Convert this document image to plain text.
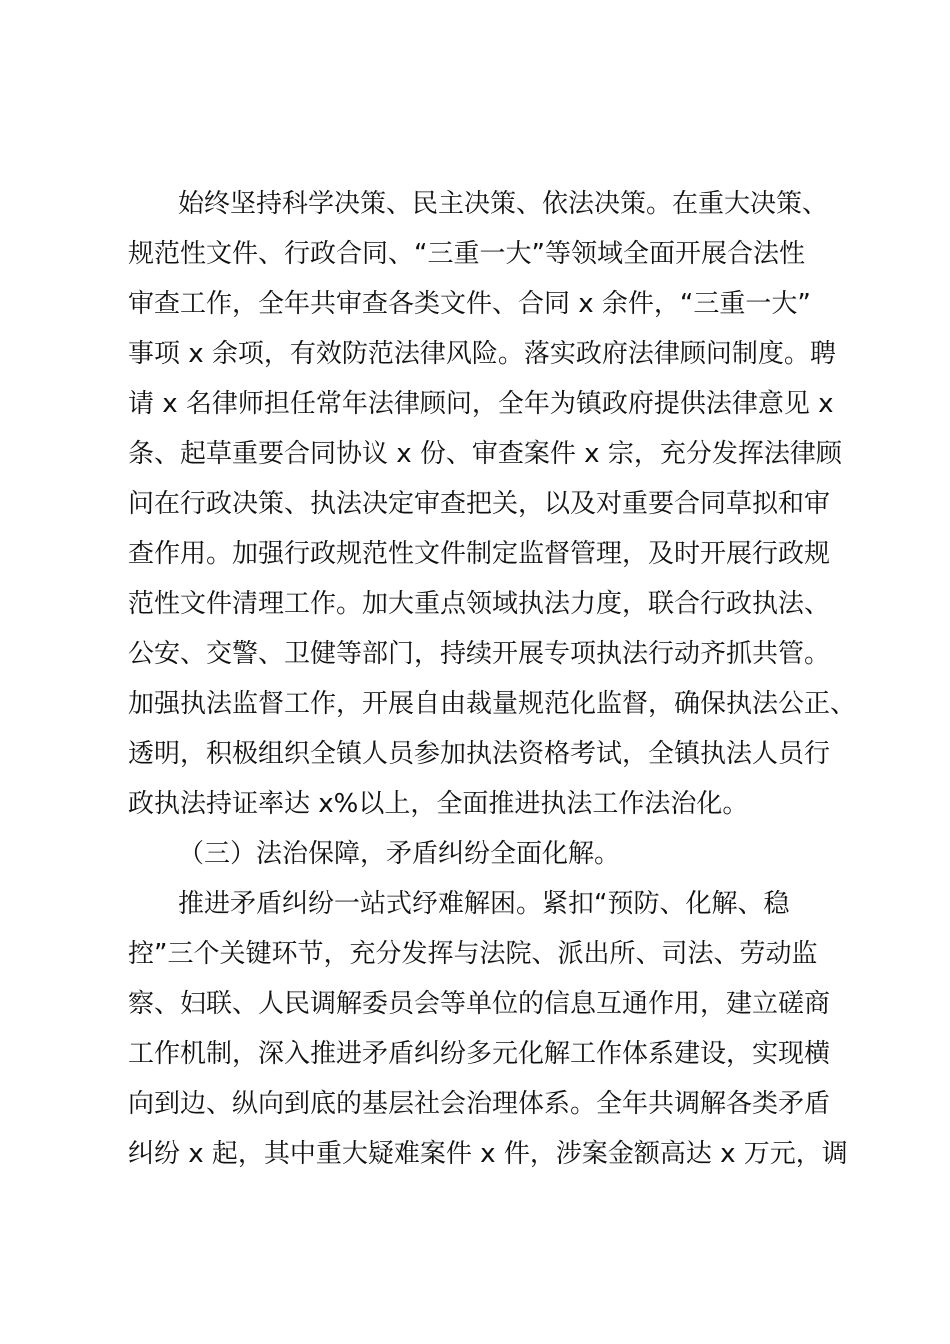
始终坚持科学决策、民主决策、依法决策。在重大决策、
规范性文件、行政合同、“三重一大”等领域全面开展合法性
审查工作，全年共审查各类文件、合同 x 余件，“三重一大”
事项 x 余项，有效防范法律风险。落实政府法律顾问制度。聘
请 x 名律师担任常年法律顾问，全年为镇政府提供法律意见 x
条、起草重要合同协议 x 份、审查案件 x 宗，充分发挥法律顾
问在行政决策、执法决定审查把关，以及对重要合同草拟和审
查作用。加强行政规范性文件制定监督管理，及时开展行政规
范性文件清理工作。加大重点领域执法力度，联合行政执法、
公安、交警、卫健等部门，持续开展专项执法行动齐抓共管。
加强执法监督工作，开展自由裁量规范化监督，确保执法公正、
透明，积极组织全镇人员参加执法资格考试，全镇执法人员行
政执法持证率达 x%以上，全面推进执法工作法治化。
（三）法治保障，矛盾纠纷全面化解。
推进矛盾纠纷一站式纾难解困。紧扣“预防、化解、稳
控”三个关键环节，充分发挥与法院、派出所、司法、劳动监
察、妇联、人民调解委员会等单位的信息互通作用，建立磋商
工作机制，深入推进矛盾纠纷多元化解工作体系建设，实现横
向到边、纵向到底的基层社会治理体系。全年共调解各类矛盾
纠纷 x 起，其中重大疑难案件 x 件，涉案金额高达 x 万元，调
